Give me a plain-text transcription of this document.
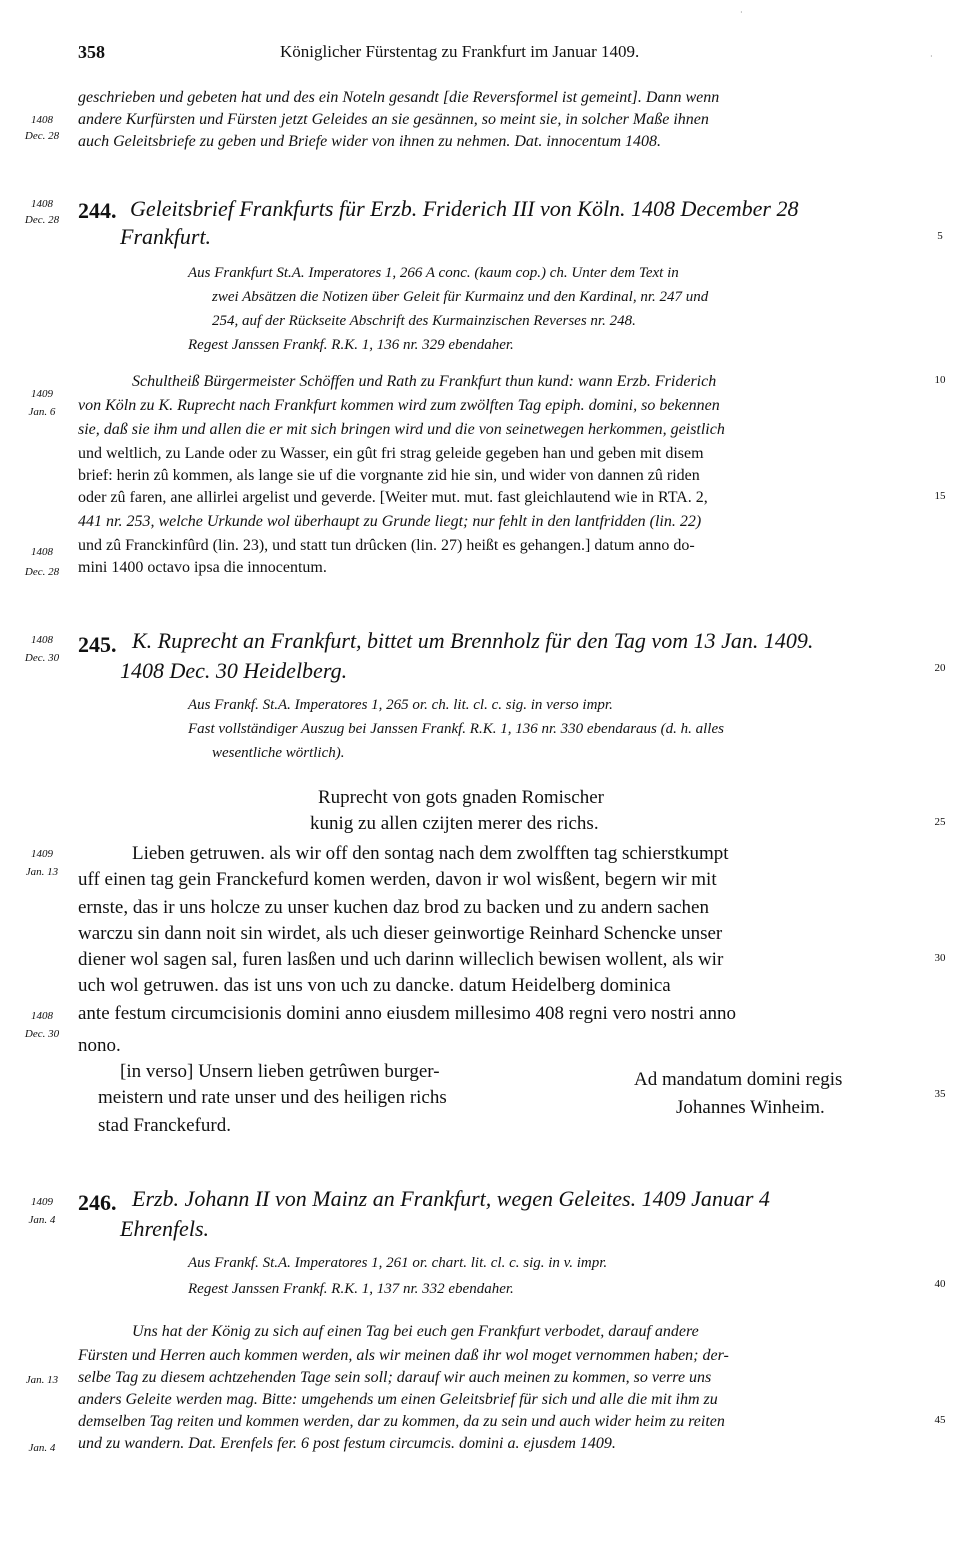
358	Königlicher Fürstentag zu Frankfurt im Januar 1409.
1408
Dec. 28

geschrieben und gebeten hat und des ein Noteln gesandt [die Reversformel ist gemeint]. Dann wenn

andere Kurfürsten und Fürsten jetzt Geleides an sie gesännen, so meint sie, in solcher Maße ihnen

auch Geleitsbriefe zu geben und Briefe wider von ihnen zu nehmen. Dat. innocentum 1408.

1408
Dec. 28 244. Geleitsbrief Frankfurts für Erzb. Friderich III von Köln. 1408 December 28

Frankfurt.	5

Aus Frankfurt St.A. Imperatores 1, 266 A conc. (kaum cop.) ch. Unter dem Text in

zwei Absätzen die Notizen über Geleit für Kurmainz und den Kardinal, nr. 247 und

254, auf der Rückseite Abschrift des Kurmainzischen Reverses nr. 248.

Regest Janssen Frankf. R.K. 1, 136 nr. 329 ebendaher.

1409
Jan. 6
10

Schultheiß Bürgermeister Schöffen und Rath zu Frankfurt thun kund: wann Erzb. Friderich

von Köln zu K. Ruprecht nach Frankfurt kommen wird zum zwölften Tag epiph. domini, so bekennen

sie, daß sie ihm und allen die er mit sich bringen wird und die von seinetwegen herkommen, geistlich

und weltlich, zu Lande oder zu Wasser, ein gût fri strag geleide gegeben han und geben mit disem

brief: herin zû kommen, als lange sie uf die vorgnante zid hie sin, und wider von dannen zû riden

oder zû faren, ane allirlei argelist und geverde. [Weiter mut. mut. fast gleichlautend wie in RTA. 2,	15

441 nr. 253, welche Urkunde wol überhaupt zu Grunde liegt; nur fehlt in den lantfridden (lin. 22)

und zû Franckinfûrd (lin. 23), und statt tun drûcken (lin. 27) heißt es gehangen.] datum anno do-

mini 1400 octavo ipsa die innocentum.

1408
Dec. 28
1408
Dec. 30
245. K. Ruprecht an Frankfurt, bittet um Brennholz für den Tag vom 13 Jan. 1409.

1408 Dec. 30 Heidelberg.	20

Aus Frankf. St.A. Imperatores 1, 265 or. ch. lit. cl. c. sig. in verso impr.

Fast vollständiger Auszug bei Janssen Frankf. R.K. 1, 136 nr. 330 ebendaraus (d. h. alles

wesentliche wörtlich).

Ruprecht von gots gnaden Romischer

kunig zu allen czijten merer des richs.	25
1409
Jan. 13

Lieben getruwen. als wir off den sontag nach dem zwolfften tag schierstkumpt

uff einen tag gein Franckefurd komen werden, davon ir wol wisßent, begern wir mit

ernste, das ir uns holcze zu unser kuchen daz brod zu backen und zu andern sachen

warczu sin dann noit sin wirdet, als uch dieser geinwortige Reinhard Schencke unser

diener wol sagen sal, furen lasßen und uch darinn willeclich bewisen wollent, als wir	30

uch wol getruwen. das ist uns von uch zu dancke. datum Heidelberg dominica

ante festum circumcisionis domini anno eiusdem millesimo 408 regni vero nostri anno

nono.

1408
Dec. 30

[in verso] Unsern lieben getrûwen burger-

meistern und rate unser und des heiligen richs

stad Franckefurd.

Ad mandatum domini regis

Johannes Winheim.

35
1409
Jan. 4
246. Erzb. Johann II von Mainz an Frankfurt, wegen Geleites. 1409 Januar 4

Ehrenfels.

Aus Frankf. St.A. Imperatores 1, 261 or. chart. lit. cl. c. sig. in v. impr.

Regest Janssen Frankf. R.K. 1, 137 nr. 332 ebendaher.	40

Uns hat der König zu sich auf einen Tag bei euch gen Frankfurt verbodet, darauf andere

Fürsten und Herren auch kommen werden, als wir meinen daß ihr wol moget vernommen haben; der-

selbe Tag zu diesem achtzehenden Tage sein soll; darauf wir auch meinen zu kommen, so verre uns

Jan. 13

anders Geleite werden mag. Bitte: umgehends um einen Geleitsbrief für sich und alle die mit ihm zu

demselben Tag reiten und kommen werden, dar zu kommen, da zu sein und auch wider heim zu reiten	45

und zu wandern. Dat. Erenfels fer. 6 post festum circumcis. domini a. ejusdem 1409.

Jan. 4
·
·
